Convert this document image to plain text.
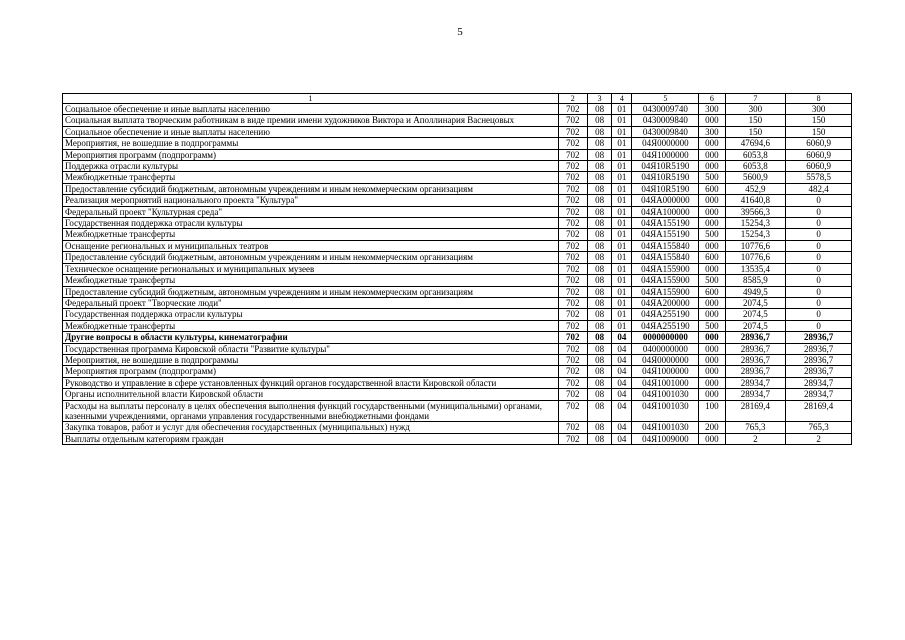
5
1	2	3	4	5	6	7	8
Социальное обеспечение и иные выплаты населению	702	08	01	0430009740	300	300	300
Социальная выплата творческим работникам в виде премии имени художников Виктора и Аполлинария Васнецовых	702	08	01	0430009840	000	150	150
Социальное обеспечение и иные выплаты населению	702	08	01	0430009840	300	150	150
Мероприятия, не вошедшие в подпрограммы	702	08	01	04Я0000000	000	47694,6	6060,9
Мероприятия программ (подпрограмм)	702	08	01	04Я1000000	000	6053,8	6060,9
Поддержка отрасли культуры	702	08	01	04Я10R5190	000	6053,8	6060,9
Межбюджетные трансферты	702	08	01	04Я10R5190	500	5600,9	5578,5
Предоставление субсидий бюджетным, автономным учреждениям и иным некоммерческим организациям	702	08	01	04Я10R5190	600	452,9	482,4
Реализация мероприятий национального проекта "Культура"	702	08	01	04ЯА000000	000	41640,8	0
Федеральный проект "Культурная среда"	702	08	01	04ЯА100000	000	39566,3	0
Государственная поддержка отрасли культуры	702	08	01	04ЯА155190	000	15254,3	0
Межбюджетные трансферты	702	08	01	04ЯА155190	500	15254,3	0
Оснащение региональных и муниципальных театров	702	08	01	04ЯА155840	000	10776,6	0
Предоставление субсидий бюджетным, автономным учреждениям и иным некоммерческим организациям	702	08	01	04ЯА155840	600	10776,6	0
Техническое оснащение региональных и муниципальных музеев	702	08	01	04ЯА155900	000	13535,4	0
Межбюджетные трансферты	702	08	01	04ЯА155900	500	8585,9	0
Предоставление субсидий бюджетным, автономным учреждениям и иным некоммерческим организациям	702	08	01	04ЯА155900	600	4949,5	0
Федеральный проект "Творческие люди"	702	08	01	04ЯА200000	000	2074,5	0
Государственная поддержка отрасли культуры	702	08	01	04ЯА255190	000	2074,5	0
Межбюджетные трансферты	702	08	01	04ЯА255190	500	2074,5	0
Другие вопросы в области культуры, кинематографии	702	08	04	0000000000	000	28936,7	28936,7
Государственная программа Кировской области "Развитие культуры"	702	08	04	0400000000	000	28936,7	28936,7
Мероприятия, не вошедшие в подпрограммы	702	08	04	04Я0000000	000	28936,7	28936,7
Мероприятия программ (подпрограмм)	702	08	04	04Я1000000	000	28936,7	28936,7
Руководство и управление в сфере установленных функций органов государственной власти Кировской области	702	08	04	04Я1001000	000	28934,7	28934,7
Органы исполнительной власти Кировской области	702	08	04	04Я1001030	000	28934,7	28934,7
Расходы на выплаты персоналу в целях обеспечения выполнения функций государственными (муниципальными) органами, казенными учреждениями, органами управления государственными внебюджетными фондами	702	08	04	04Я1001030	100	28169,4	28169,4
Закупка товаров, работ и услуг для обеспечения государственных (муниципальных) нужд	702	08	04	04Я1001030	200	765,3	765,3
Выплаты отдельным категориям граждан	702	08	04	04Я1009000	000	2	2
